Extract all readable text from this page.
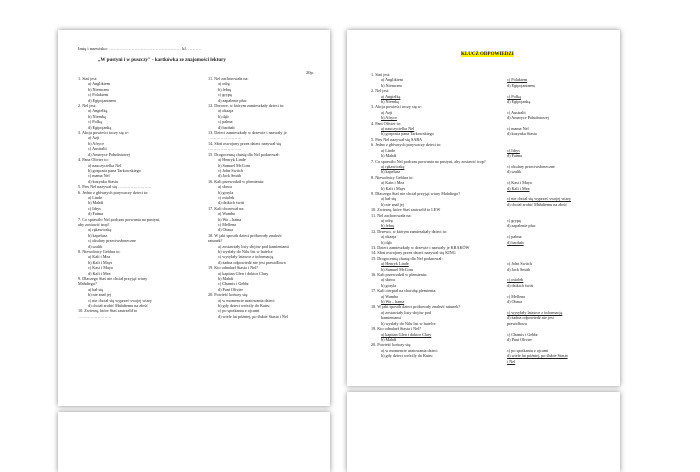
Imię i nazwisko: ………………………………………… kl. ………
„W pustyni i w puszczy" - kartkówka ze znajomości lektury
20p.
1. Staś jest:
a) Anglikiem
b) Niemcem
c) Polakiem
d) Egipcjaninem
2. Nel jest:
a) Angielką
b) Niemką
c) Polką
d) Egipcjanką
3. Akcja powieści toczy się w:
a) Azji
b) Afryce
c) Australii
d) Ameryce Południowej
4. Pana Olivier to:
a) nauczycielka Nel
b) gosposia pana Tarkowskiego
c) mama Nel
d) kuzynka Stasia
5. Pies Nel nazywał się ……………………
6. Jedno z głównych porywaczy dzieci to:
a) Linde
b) Mahdi
c) Idrys
d) Fatma
7. Co sprawiło Nel podczas porwania na pustyni,
aby zostawić trop?
a) rękawiczkę
b) kapelusz
c) okulary przeciwsłoneczne
d) szalik
8. Niewolnicy Gebhra to:
a) Kali i Mea
b) Kali i Mays
c) Kasi i Maya
d) Kali i Mea
9. Dlaczego Staś nie chciał przyjąć wiary
Mahdiego?
a) bał się
b) nie znał jej
c) nie chciał się wyprzeć swojej wiary
d) chciał zrobić Mahdiemu na złość
10. Zwierzę, które Staś zastrzelił to
……………………
11. Nel zachorowała na:
a) odrę
b) febrę
c) grypę
d) zapalenie płuc
12. Dorowe, w którym zamieszkały dzieci to:
a) okazja
b) dąb
c) palma
d) baobab
13. Dzieci zamieszkały w drzewie i nazwały je
……………………
14. Słoń oswojony przez dzieci nazywał się
……………………
15. Drogocenną chustę dla Nel podarował:
a) Henryk Linde
b) Samuel McCom
c) John Switch
d) Jack Smith
16. Kali przewodził w plemieniu:
a) sława
b) goryla
c) osiołek
d) dzikich świń
17. Kali chorował na:
a) Wamba
b) Wa – hama
c) Mellena
d) Obasa
18. W jaki sposób dzieci próbowały znaleźć
ratunek?
a) zostawiały listy słojów pod kamieniami
b) wysłały do Nilu list w butelce
c) wysyłały latawce z informacją
d) żadna odpowiedź nie jest prawidłowa
19. Kto odnalazł Stasia i Nel?
a) kapitan Glen i doktor Clary
b) Mahdi
c) Chamis i Gebhr
d) Pani Olivier
20. Powieść kończy się:
a) w momencie uratowania dzieci
b) gdy dzieci wróciły do Kairu
c) po spotkaniu z ojcami
d) wiele lat później, po ślubie Stasia i Nel
KLUCZ ODPOWIEDZI
1. Staś jest:
a) Anglikiem
b) Niemcem
2. Nel jest:
a) Angielką
b) Niemką
3. Akcja powieści toczy się w:
a) Azji
b) Afryce
4. Pani Olivier to:
a) nauczycielka Nel
b) gosposia pana Tarkowskiego
5. Pies Nel nazywał się SABA
6. Jedno z głównych porywaczy dzieci to:
a) Linde
b) Mahdi
7. Co sprawiło Nel podczas porwania na pustyni, aby zostawić trop?
a) rękawiczkę
b) kapelusz
8. Niewolnicy Gebhra to:
a) Kain i Mea
b) Kali i Mays
9. Dlaczego Staś nie chciał przyjąć wiary Mahdiego?
a) bał się
b) nie znał jej
10. Zwierzę, które Staś zastrzelił to LEW
11. Nel zachorowała na:
a) odrę
b) febrę
12. Drzewo, w którym zamieszkały dzieci to:
a) okazja
b) dąb
13. Dzieci zamieszkały w drzewie i nazwały je KRAKÓW
14. Słoń oswojony przez dzieci nazywał się KING
15. Drogocenną chustę dla Nel podarował:
a) Henryk Linde
b) Samuel McCom
16. Kali przewodził w plemieniu:
a) sława
b) goryla
17. Kali cierpiał na chorobę plemienia:
a) Wamba
b) Wa – hama
18. W jaki sposób dzieci próbowały znaleźć ratunek?
a) zostawiały listy słojów pod
kamieniami
b) wysłały do Nilu list w butelce
19. Kto odnalazł Stasia i Nel?
a) kapitan Glen i doktor Clary
b) Mahdi
20. Powieść kończy się:
a) w momencie uratowania dzieci
b) gdy dzieci wróciły do Kairu

c) Polakiem
d) Egipcjaninem

c) Polką
d) Egipcjanką

c) Australii
d) Ameryce Południowej

c) mama Nel
d) kuzynka Stasia

c) Idrys
d) Fatma

c) okulary przeciwsłoneczne
d) szalik

c) Kasi i Maya
d) Kali i Mea

c) nie chciał się wyprzeć swojej wiary
d) chciał zrobić Mahdiemu na złość

c) grypę
d) zapalenie płuc

c) palma
d) baobab

c) John Switch
d) Jack Smith

c) osiołek
d) dzikich świń

c) Mellena
d) Obasa

c) wysyłały latawce z informacją
d) żadna odpowiedź nie jest
prawidłowa

c) Chamis i Gebhr
d) Pani Olivier

c) po spotkaniu z ojcami
d) wiele lat później, po ślubie Stasia
i Nel
